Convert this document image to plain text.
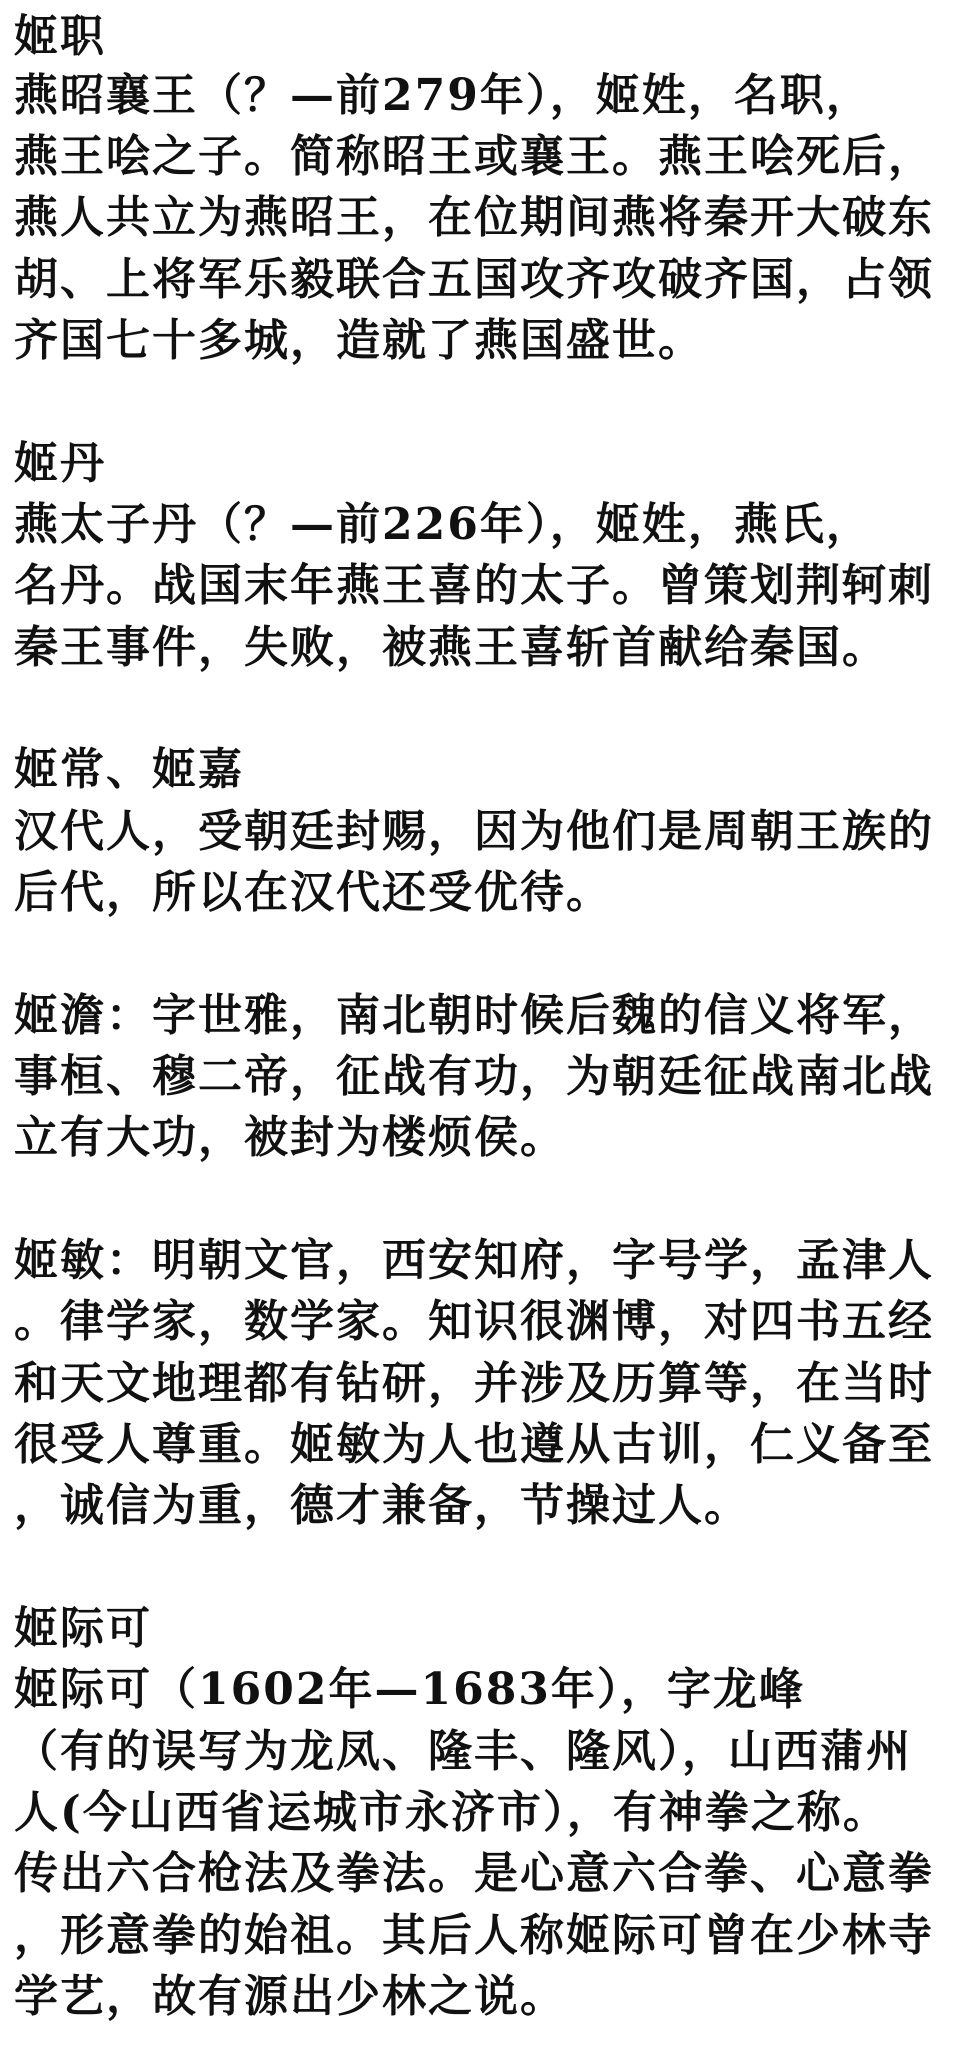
姬职
燕昭襄王（？—前279年），姬姓，名职，
燕王哙之子。简称昭王或襄王。燕王哙死后，
燕人共立为燕昭王，在位期间燕将秦开大破东
胡、上将军乐毅联合五国攻齐攻破齐国，占领
齐国七十多城，造就了燕国盛世。
姬丹
燕太子丹（？—前226年），姬姓，燕氏，
名丹。战国末年燕王喜的太子。曾策划荆轲刺
秦王事件，失败，被燕王喜斩首献给秦国。
姬常、姬嘉
汉代人，受朝廷封赐，因为他们是周朝王族的
后代，所以在汉代还受优待。
姬澹：字世雅，南北朝时候后魏的信义将军，
事桓、穆二帝，征战有功，为朝廷征战南北战
立有大功，被封为楼烦侯。
姬敏：明朝文官，西安知府，字号学，孟津人
。律学家，数学家。知识很渊博，对四书五经
和天文地理都有钻研，并涉及历算等，在当时
很受人尊重。姬敏为人也遵从古训，仁义备至
，诚信为重，德才兼备，节操过人。
姬际可
姬际可（1602年—1683年），字龙峰
（有的误写为龙凤、隆丰、隆风），山西蒲州
人(今山西省运城市永济市），有神拳之称。
传出六合枪法及拳法。是心意六合拳、心意拳
，形意拳的始祖。其后人称姬际可曾在少林寺
学艺，故有源出少林之说。
